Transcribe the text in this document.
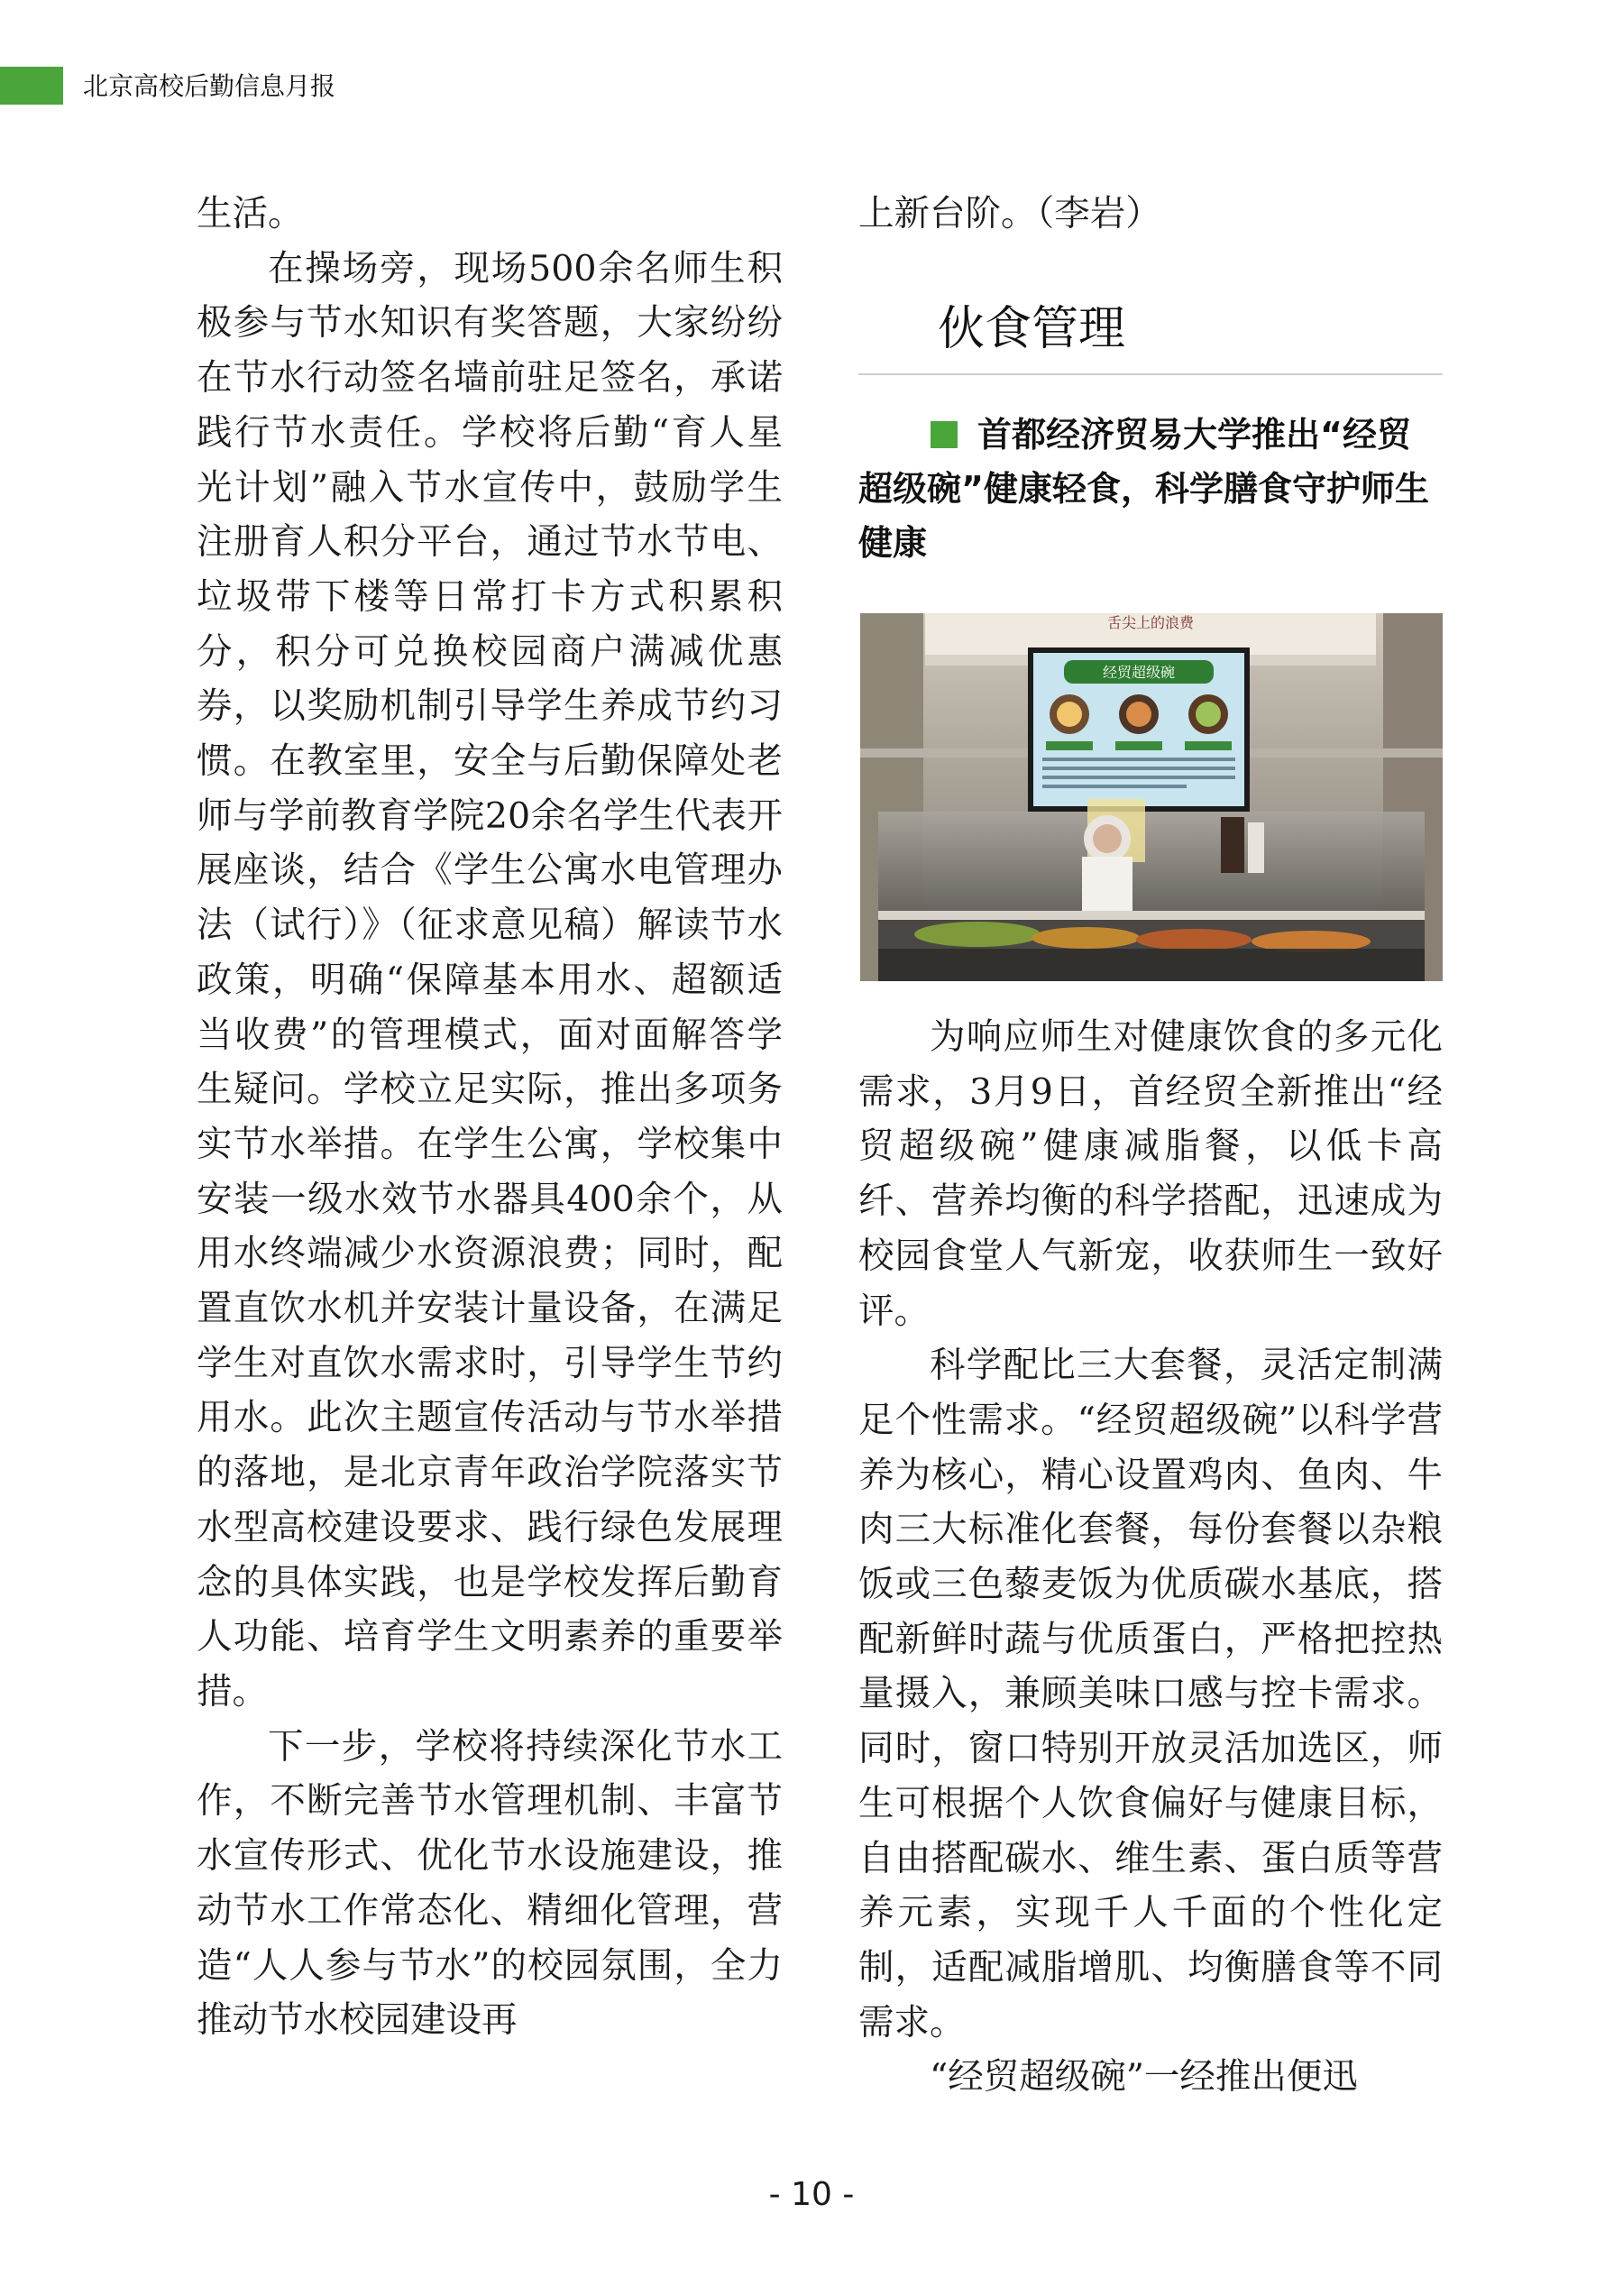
北京高校后勤信息月报

生活。

在操场旁，现场500余名师生积极参与节水知识有奖答题，大家纷纷在节水行动签名墙前驻足签名，承诺践行节水责任。学校将后勤“育人星光计划”融入节水宣传中，鼓励学生注册育人积分平台，通过节水节电、垃圾带下楼等日常打卡方式积累积分，积分可兑换校园商户满减优惠券，以奖励机制引导学生养成节约习惯。在教室里，安全与后勤保障处老师与学前教育学院20余名学生代表开展座谈，结合《学生公寓水电管理办法（试行）》（征求意见稿）解读节水政策，明确“保障基本用水、超额适当收费”的管理模式，面对面解答学生疑问。学校立足实际，推出多项务实节水举措。在学生公寓，学校集中安装一级水效节水器具400余个，从用水终端减少水资源浪费；同时，配置直饮水机并安装计量设备，在满足学生对直饮水需求时，引导学生节约用水。此次主题宣传活动与节水举措的落地，是北京青年政治学院落实节水型高校建设要求、践行绿色发展理念的具体实践，也是学校发挥后勤育人功能、培育学生文明素养的重要举措。

下一步，学校将持续深化节水工作，不断完善节水管理机制、丰富节水宣传形式、优化节水设施建设，推动节水工作常态化、精细化管理，营造“人人参与节水”的校园氛围，全力推动节水校园建设再

上新台阶。（李岩）

伙食管理
首都经济贸易大学推出“经贸超级碗”健康轻食，科学膳食守护师生健康
舌尖上的浪费
经贸超级碗

为响应师生对健康饮食的多元化需求，3月9日，首经贸全新推出“经贸超级碗”健康减脂餐，以低卡高纤、营养均衡的科学搭配，迅速成为校园食堂人气新宠，收获师生一致好评。

科学配比三大套餐，灵活定制满足个性需求。“经贸超级碗”以科学营养为核心，精心设置鸡肉、鱼肉、牛肉三大标准化套餐，每份套餐以杂粮饭或三色藜麦饭为优质碳水基底，搭配新鲜时蔬与优质蛋白，严格把控热量摄入，兼顾美味口感与控卡需求。同时，窗口特别开放灵活加选区，师生可根据个人饮食偏好与健康目标，自由搭配碳水、维生素、蛋白质等营养元素，实现千人千面的个性化定制，适配减脂增肌、均衡膳食等不同需求。

“经贸超级碗”一经推出便迅

- 10 -
